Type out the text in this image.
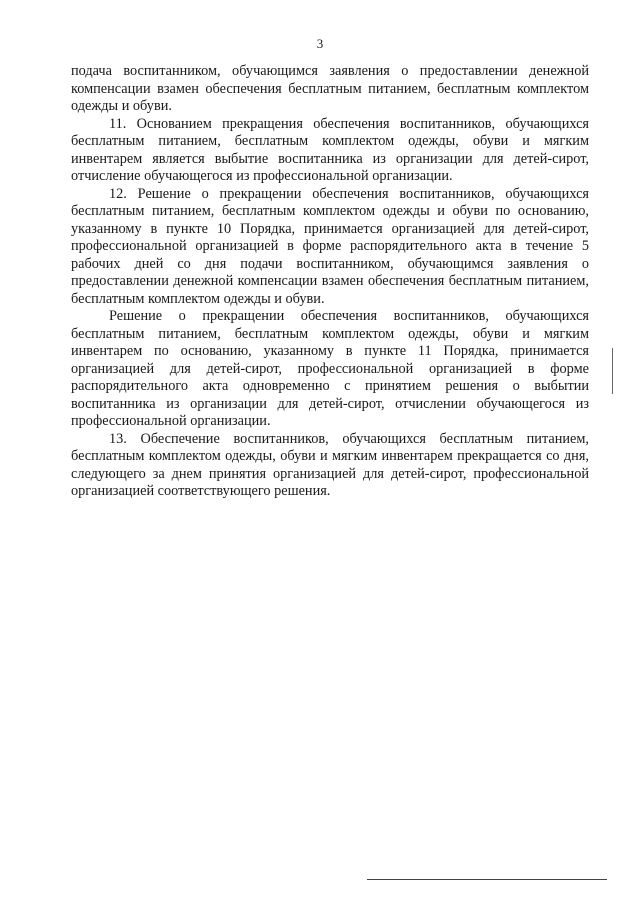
3

подача воспитанником, обучающимся заявления о предоставлении денежной компенсации взамен обеспечения бесплатным питанием, бесплатным комплектом одежды и обуви.

11. Основанием прекращения обеспечения воспитанников, обучающихся бесплатным питанием, бесплатным комплектом одежды, обуви и мягким инвентарем является выбытие воспитанника из организации для детей-сирот, отчисление обучающегося из профессиональной организации.

12. Решение о прекращении обеспечения воспитанников, обучающихся бесплатным питанием, бесплатным комплектом одежды и обуви по основанию, указанному в пункте 10 Порядка, принимается организацией для детей-сирот, профессиональной организацией в форме распорядительного акта в течение 5 рабочих дней со дня подачи воспитанником, обучающимся заявления о предоставлении денежной компенсации взамен обеспечения бесплатным питанием, бесплатным комплектом одежды и обуви.

Решение о прекращении обеспечения воспитанников, обучающихся бесплатным питанием, бесплатным комплектом одежды, обуви и мягким инвентарем по основанию, указанному в пункте 11 Порядка, принимается организацией для детей-сирот, профессиональной организацией в форме распорядительного акта одновременно с принятием решения о выбытии воспитанника из организации для детей-сирот, отчислении обучающегося из профессиональной организации.

13. Обеспечение воспитанников, обучающихся бесплатным питанием, бесплатным комплектом одежды, обуви и мягким инвентарем прекращается со дня, следующего за днем принятия организацией для детей-сирот, профессиональной организацией соответствующего решения.
